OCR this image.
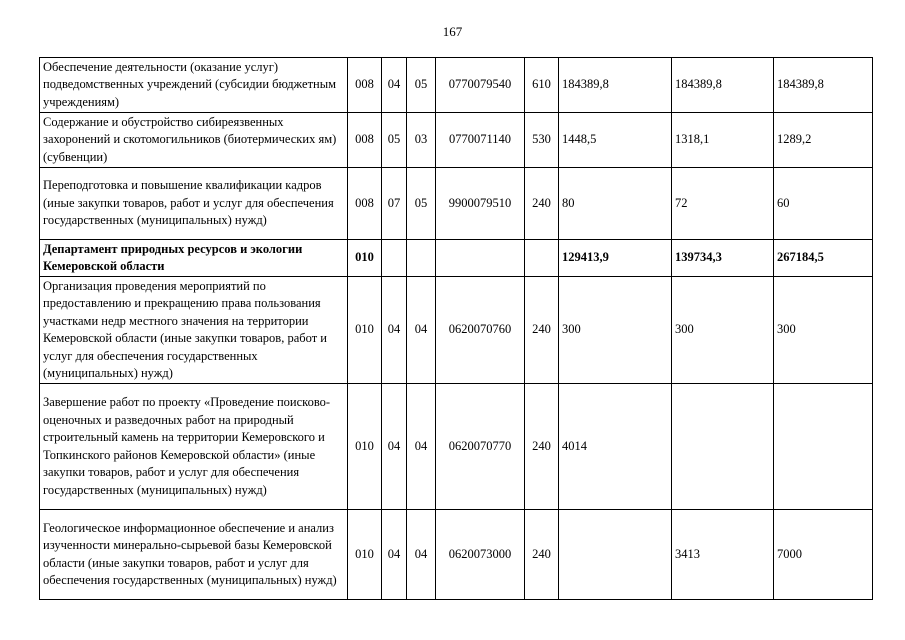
167
Обеспечение деятельности (оказание услуг) подведомственных учреждений (субсидии бюджетным учреждениям)	008	04	05	0770079540	610	184389,8	184389,8	184389,8
Содержание и обустройство сибиреязвенных захоронений и скотомогильников (биотермических ям) (субвенции)	008	05	03	0770071140	530	1448,5	1318,1	1289,2
Переподготовка и повышение квалификации кадров (иные закупки товаров, работ и услуг для обеспечения государственных (муниципальных) нужд)	008	07	05	9900079510	240	80	72	60
Департамент природных ресурсов и экологии Кемеровской области	010					129413,9	139734,3	267184,5
Организация проведения мероприятий по предоставлению и прекращению права пользования участками недр местного значения на территории Кемеровской области (иные закупки товаров, работ и услуг для обеспечения государственных (муниципальных) нужд)	010	04	04	0620070760	240	300	300	300
Завершение работ по проекту «Проведение поисково-оценочных и разведочных работ на природный строительный камень на территории Кемеровского и Топкинского районов Кемеровской области» (иные закупки товаров, работ и услуг для обеспечения государственных (муниципальных) нужд)	010	04	04	0620070770	240	4014		
Геологическое информационное обеспечение и анализ изученности минерально-сырьевой базы Кемеровской области (иные закупки товаров, работ и услуг для обеспечения государственных (муниципальных) нужд)	010	04	04	0620073000	240		3413	7000
